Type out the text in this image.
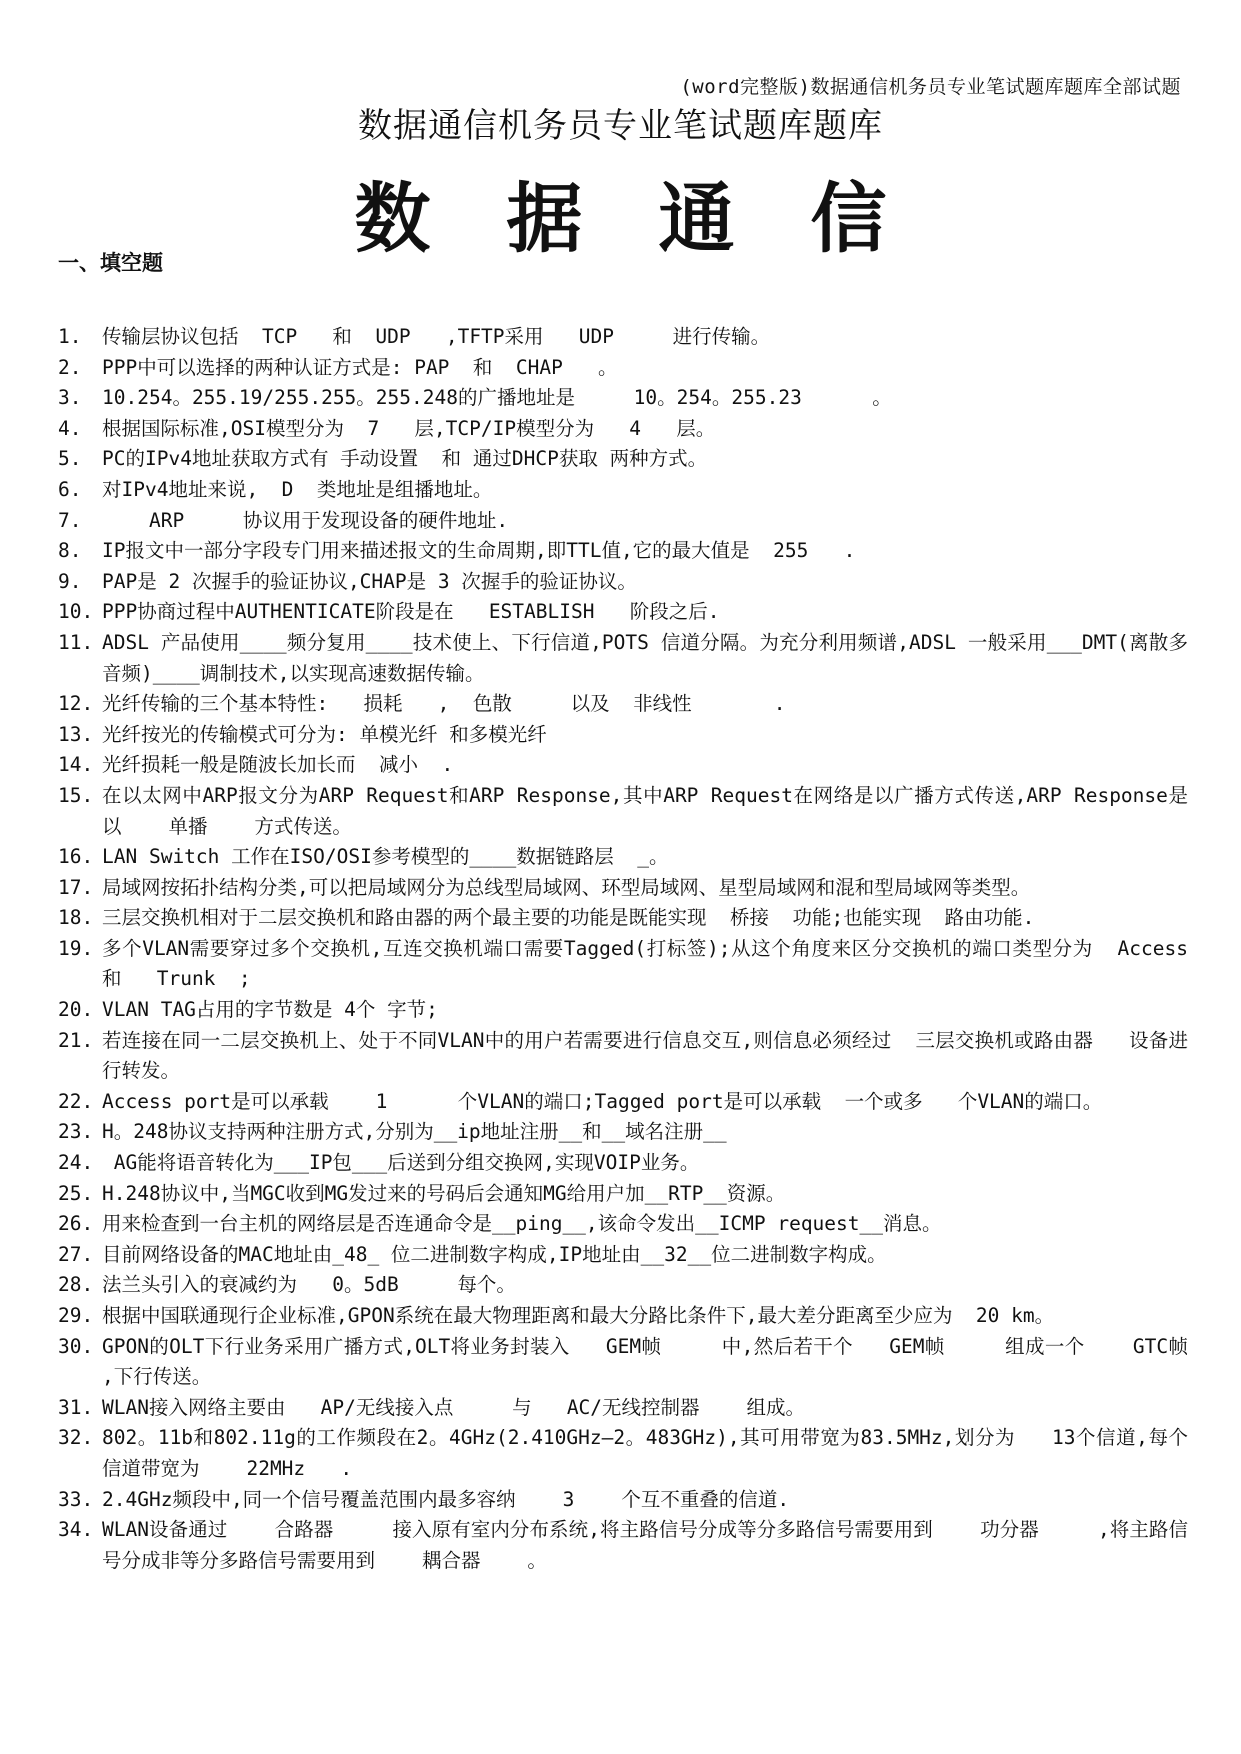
(word完整版)数据通信机务员专业笔试题库题库全部试题
数据通信机务员专业笔试题库题库
数据通信
一、填空题
1.	传输层协议包括  TCP   和  UDP   ,TFTP采用   UDP     进行传输。
2.	PPP中可以选择的两种认证方式是: PAP  和  CHAP   。
3.	10.254。255.19/255.255。255.248的广播地址是     10。254。255.23      。
4.	根据国际标准,OSI模型分为  7   层,TCP/IP模型分为   4   层。
5.	PC的IPv4地址获取方式有 手动设置  和 通过DHCP获取 两种方式。
6.	对IPv4地址来说,  D  类地址是组播地址。
7.	ARP     协议用于发现设备的硬件地址.
8.	IP报文中一部分字段专门用来描述报文的生命周期,即TTL值,它的最大值是  255   .
9.	PAP是 2 次握手的验证协议,CHAP是 3 次握手的验证协议。
10. PPP协商过程中AUTHENTICATE阶段是在   ESTABLISH   阶段之后.
11. ADSL 产品使用____频分复用____技术使上、下行信道,POTS 信道分隔。为充分利用频谱,ADSL 一般采用___DMT(离散多音频)____调制技术,以实现高速数据传输。
12. 光纤传输的三个基本特性:   损耗   ,  色散     以及  非线性       .
13. 光纤按光的传输模式可分为: 单模光纤 和多模光纤
14. 光纤损耗一般是随波长加长而  减小  .
15. 在以太网中ARP报文分为ARP Request和ARP Response,其中ARP Request在网络是以广播方式传送,ARP Response是以    单播    方式传送。
16. LAN Switch 工作在ISO/OSI参考模型的____数据链路层  _。
17. 局域网按拓扑结构分类,可以把局域网分为总线型局域网、环型局域网、星型局域网和混和型局域网等类型。
18. 三层交换机相对于二层交换机和路由器的两个最主要的功能是既能实现  桥接  功能;也能实现  路由功能.
19. 多个VLAN需要穿过多个交换机,互连交换机端口需要Tagged(打标签);从这个角度来区分交换机的端口类型分为  Access   和   Trunk  ;
20. VLAN TAG占用的字节数是 4个 字节;
21. 若连接在同一二层交换机上、处于不同VLAN中的用户若需要进行信息交互,则信息必须经过  三层交换机或路由器   设备进行转发。
22. Access port是可以承载    1      个VLAN的端口;Tagged port是可以承载  一个或多   个VLAN的端口。
23. H。248协议支持两种注册方式,分别为__ip地址注册__和__域名注册__
24. AG能将语音转化为___IP包___后送到分组交换网,实现VOIP业务。
25. H.248协议中,当MGC收到MG发过来的号码后会通知MG给用户加__RTP__资源。
26. 用来检查到一台主机的网络层是否连通命令是__ping__,该命令发出__ICMP request__消息。
27. 目前网络设备的MAC地址由_48_ 位二进制数字构成,IP地址由__32__位二进制数字构成。
28. 法兰头引入的衰减约为   0。5dB     每个。
29. 根据中国联通现行企业标准,GPON系统在最大物理距离和最大分路比条件下,最大差分距离至少应为  20 km。
30. GPON的OLT下行业务采用广播方式,OLT将业务封装入   GEM帧     中,然后若干个   GEM帧     组成一个    GTC帧    ,下行传送。
31. WLAN接入网络主要由   AP/无线接入点     与   AC/无线控制器    组成。
32. 802。11b和802.11g的工作频段在2。4GHz(2.410GHz—2。483GHz),其可用带宽为83.5MHz,划分为   13个信道,每个信道带宽为    22MHz   .
33. 2.4GHz频段中,同一个信号覆盖范围内最多容纳    3    个互不重叠的信道.
34. WLAN设备通过    合路器     接入原有室内分布系统,将主路信号分成等分多路信号需要用到    功分器     ,将主路信号分成非等分多路信号需要用到    耦合器    。
